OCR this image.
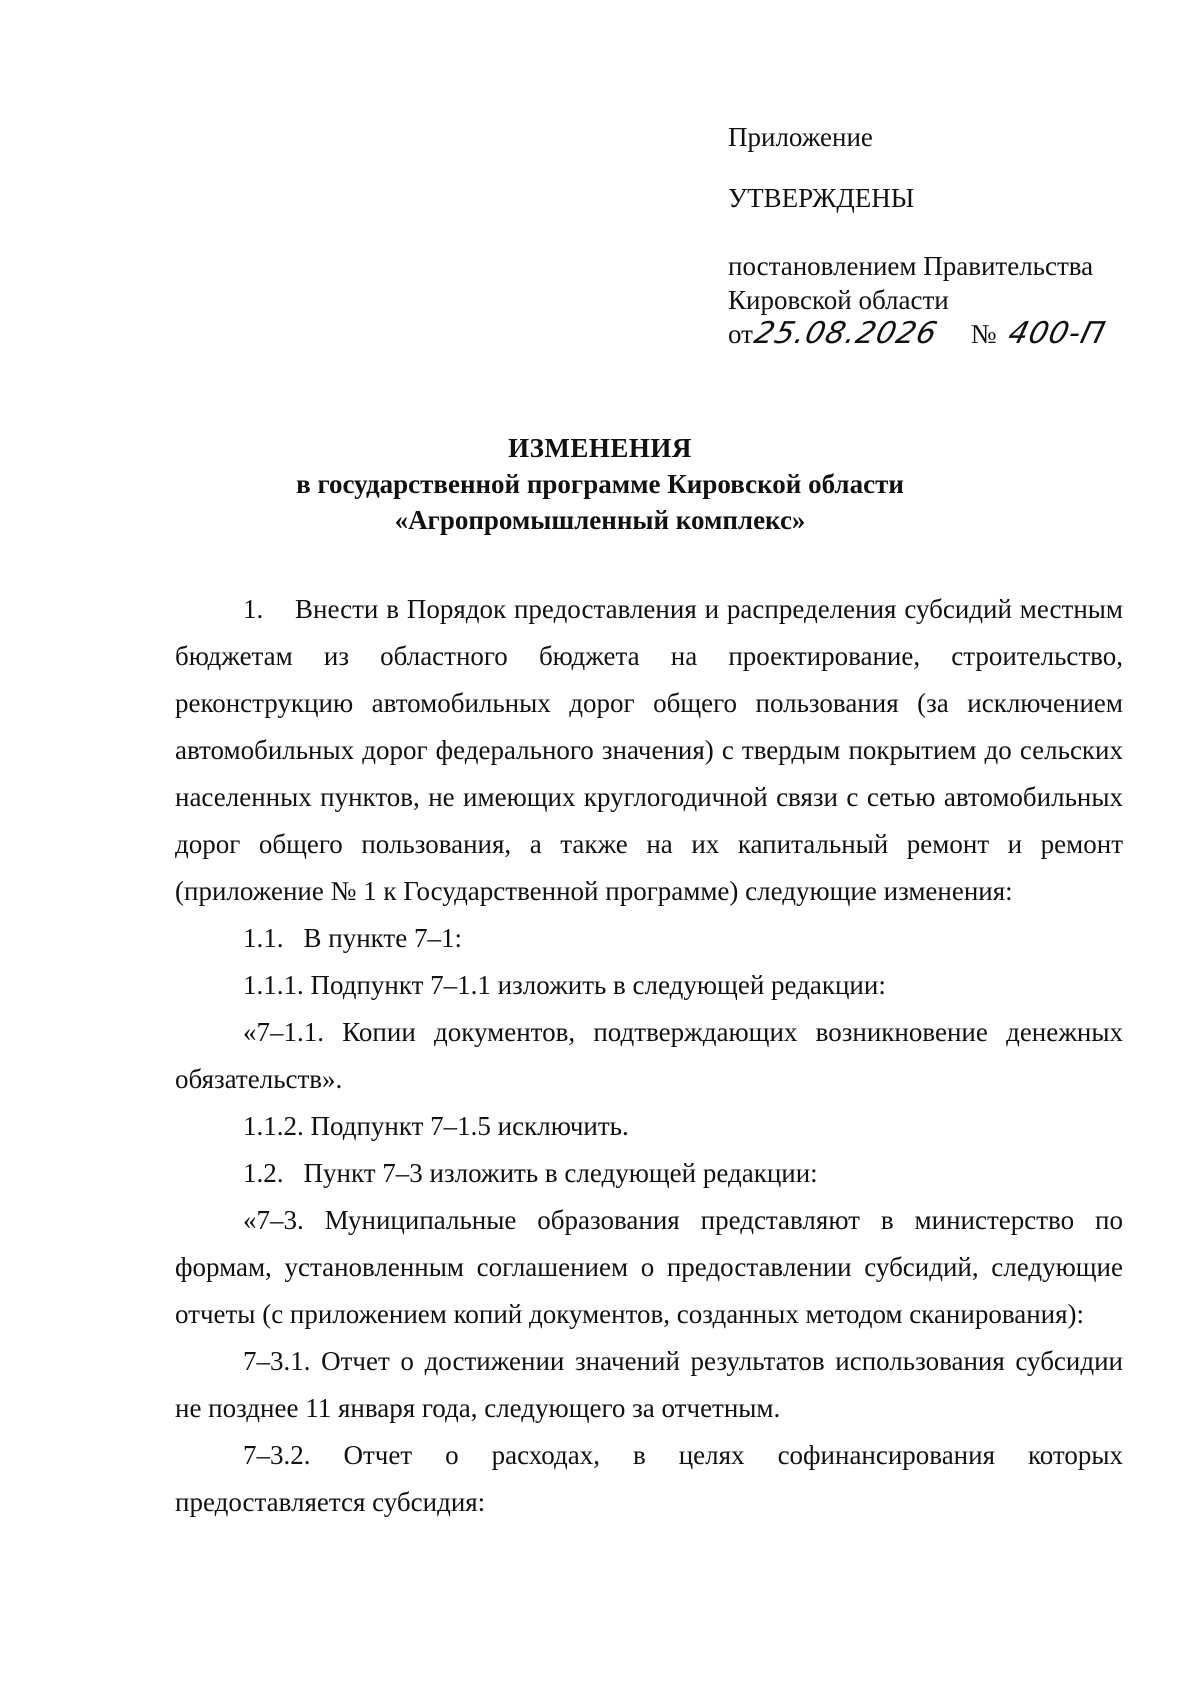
Приложение
УТВЕРЖДЕНЫ
постановлением Правительства
Кировской области
от25.08.2026 № 400-П
ИЗМЕНЕНИЯ
в государственной программе Кировской области
«Агропромышленный комплекс»

1. Внести в Порядок предоставления и распределения субсидий местным бюджетам из областного бюджета на проектирование, строительство, реконструкцию автомобильных дорог общего пользования (за исключением автомобильных дорог федерального значения) с твердым покрытием до сельских населенных пунктов, не имеющих круглогодичной связи с сетью автомобильных дорог общего пользования, а также на их капитальный ремонт и ремонт (приложение № 1 к Государственной программе) следующие изменения:

1.1. В пункте 7–1:

1.1.1. Подпункт 7–1.1 изложить в следующей редакции:

«7–1.1. Копии документов, подтверждающих возникновение денежных обязательств».

1.1.2. Подпункт 7–1.5 исключить.

1.2. Пункт 7–3 изложить в следующей редакции:

«7–3. Муниципальные образования представляют в министерство по формам, установленным соглашением о предоставлении субсидий, следующие отчеты (с приложением копий документов, созданных методом сканирования):

7–3.1. Отчет о достижении значений результатов использования субсидии не позднее 11 января года, следующего за отчетным.

7–3.2. Отчет о расходах, в целях софинансирования которых предоставляется субсидия:
